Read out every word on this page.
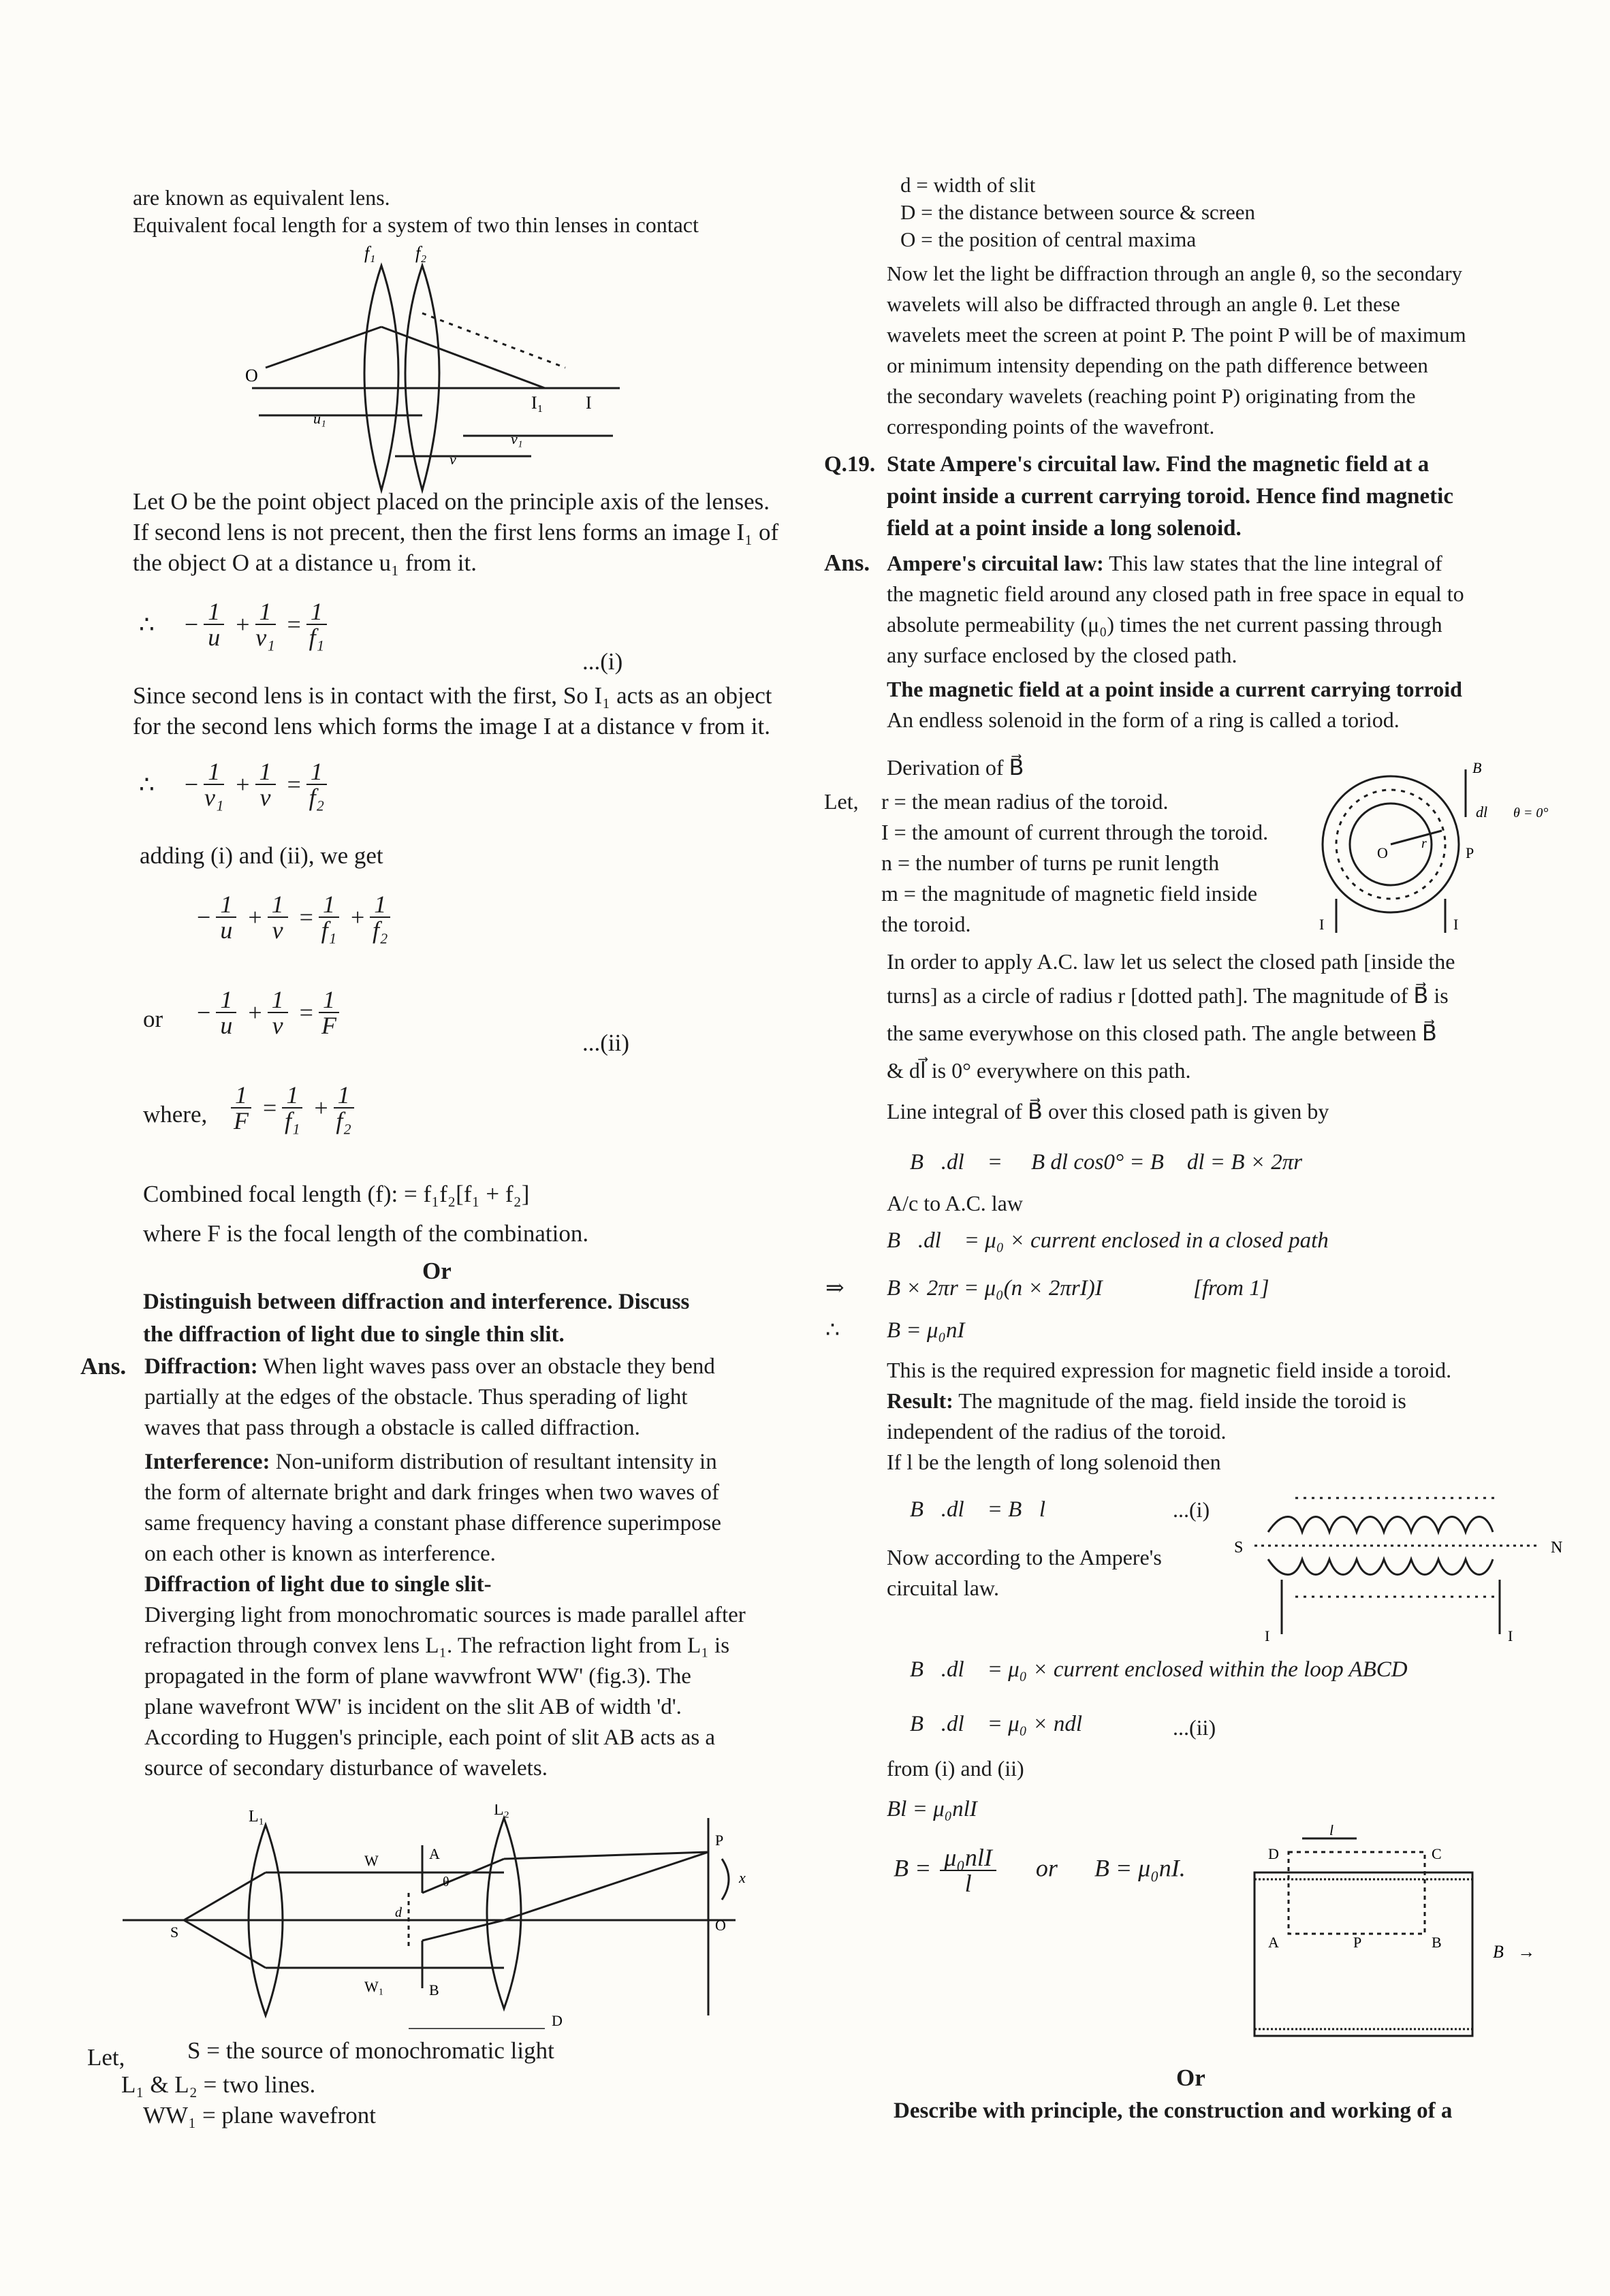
are known as equivalent lens.
Equivalent focal length for a system of two thin lenses in contact
f₁ f₂
O
I₁ I
u₁
v₁
v
Let O be the point object placed on the principle axis of the lenses.
If second lens is not precent, then the first lens forms an image I₁ of
the object O at a distance u₁ from it.
∴ − $\frac{1}{u} + \frac{1}{\text{v₁}} = \frac{1}{\text{f₁}}$
...(i)
Since second lens is in contact with the first, So I₁ acts as an object
for the second lens which forms the image I at a distance v from it.
∴ − $\frac{1}{\text{v₁}} + \frac{1}{v} = \frac{1}{\text{f₂}}$
adding (i) and (ii), we get
− $\frac{1}{u} + \frac{1}{v} = \frac{1}{\text{f₁}} + \frac{1}{\text{f₂}}$
or − $\frac{1}{u} + \frac{1}{v} = \frac{1}{F}$
...(ii)
where, $\frac{1}{F} = \frac{1}{\text{f₁}} + \frac{1}{\text{f₂}}$
Combined focal length (f): = f₁f₂[f₁ + f₂]
where F is the focal length of the combination.
Or
Distinguish between diffraction and interference. Discuss
the diffraction of light due to single thin slit.
Ans. Diffraction: When light waves pass over an obstacle they bend
partially at the edges of the obstacle. Thus sperading of light
waves that pass through a obstacle is called diffraction.
Interference: Non-uniform distribution of resultant intensity in
the form of alternate bright and dark fringes when two waves of
same frequency having a constant phase difference superimpose
on each other is known as interference.
Diffraction of light due to single slit-
Diverging light from monochromatic sources is made parallel after
refraction through convex lens L₁. The refraction light from L₁ is
propagated in the form of plane wavwfront WW' (fig.3). The
plane wavefront WW' is incident on the slit AB of width 'd'.
According to Huggen's principle, each point of slit AB acts as a
source of secondary disturbance of wavelets.
L₁	L₂
S
W
W₁
A
B
P
O
x
D
d
θ
Let,	S = the source of monochromatic light
L₁ & L₂ = two lines.
WW₁ = plane wavefront
d = width of slit
D = the distance between source & screen
O = the position of central maxima
Now let the light be diffraction through an angle θ, so the secondary
wavelets will also be diffracted through an angle θ. Let these
wavelets meet the screen at point P. The point P will be of maximum
or minimum intensity depending on the path difference between
the secondary wavelets (reaching point P) originating from the
corresponding points of the wavefront.
Q.19. State Ampere's circuital law. Find the magnetic field at a
point inside a current carrying toroid. Hence find magnetic
field at a point inside a long solenoid.
Ans. Ampere's circuital law: This law states that the line integral of
the magnetic field around any closed path in free space in equal to
absolute permeability (μ₀) times the net current passing through
any surface enclosed by the closed path.
The magnetic field at a point inside a current carrying torroid
An endless solenoid in the form of a ring is called a toriod.
Derivation of B⃗
Let, r = the mean radius of the toroid.
I = the amount of current through the toroid.
n = the number of turns pe runit length
m = the magnitude of magnetic field inside
the toroid.
B⃗
dl⃗ θ = 0°
O
r
P
I	I
In order to apply A.C. law let us select the closed path [inside the
turns] as a circle of radius r [dotted path]. The magnitude of B⃗ is
the same everywhose on this closed path. The angle between B⃗
& dl⃗ is 0° everywhere on this path.
Line integral of B⃗ over this closed path is given by
∮ B⃗.dl⃗ = ∮ B dl cos0° = B∮ dl = B × 2πr
A/c to A.C. law
B⃗.dl⃗ = μ₀ × current enclosed in a closed path
⇒ B × 2πr = μ₀(n × 2πrI)I	[from 1]
∴ B = μ₀nI
This is the required expression for magnetic field inside a toroid.
Result: The magnitude of the mag. field inside the toroid is
independent of the radius of the toroid.
If l be the length of long solenoid then
∮ B⃗.dl⃗ = B⃗l	...(i)
Now according to the Ampere's
circuital law.
S	N
I	I
∮ B⃗.dl⃗ = μ₀ × current enclosed within the loop ABCD
∮ B⃗.dl⃗ = μ₀ × ndl	...(ii)
from (i) and (ii)
Bl = μ₀nlI
$B = \frac{\text{μ₀nlI}}{l}$ or B = μ₀nI.
D	C
A	P	B
l
B⃗→
Or
Describe with principle, the construction and working of a
